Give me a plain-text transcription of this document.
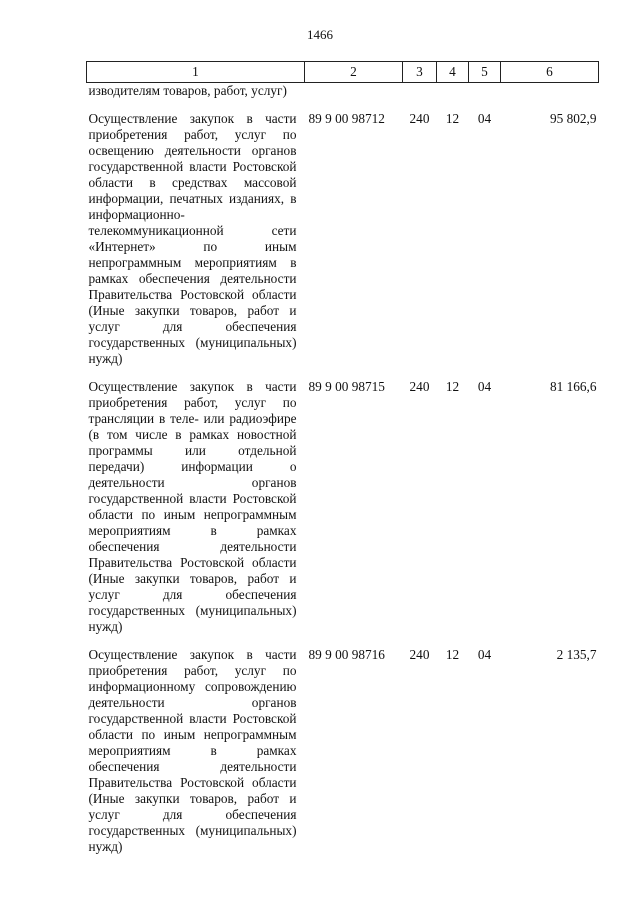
1466
1	2	3	4	5	6
изводителям товаров, работ, услуг)					
Осуществление закупок в части приобретения работ, услуг по освещению деятельности органов государственной власти Ростовской области в средствах массовой информации, печатных изданиях, в информационно-телекоммуникационной сети «Интернет» по иным непрограммным мероприятиям в рамках обеспечения деятельности Правительства Ростовской области (Иные закупки товаров, работ и услуг для обеспечения государственных (муниципальных) нужд)	89 9 00 98712	240	12	04	95 802,9
Осуществление закупок в части приобретения работ, услуг по трансляции в теле- или радиоэфире (в том числе в рамках новостной программы или отдельной передачи) информации о деятельности органов государственной власти Ростовской области по иным непрограммным мероприятиям в рамках обеспечения деятельности Правительства Ростовской области (Иные закупки товаров, работ и услуг для обеспечения государственных (муниципальных) нужд)	89 9 00 98715	240	12	04	81 166,6
Осуществление закупок в части приобретения работ, услуг по информационному сопровождению деятельности органов государственной власти Ростовской области по иным непрограммным мероприятиям в рамках обеспечения деятельности Правительства Ростовской области (Иные закупки товаров, работ и услуг для обеспечения государственных (муниципальных) нужд)	89 9 00 98716	240	12	04	2 135,7
